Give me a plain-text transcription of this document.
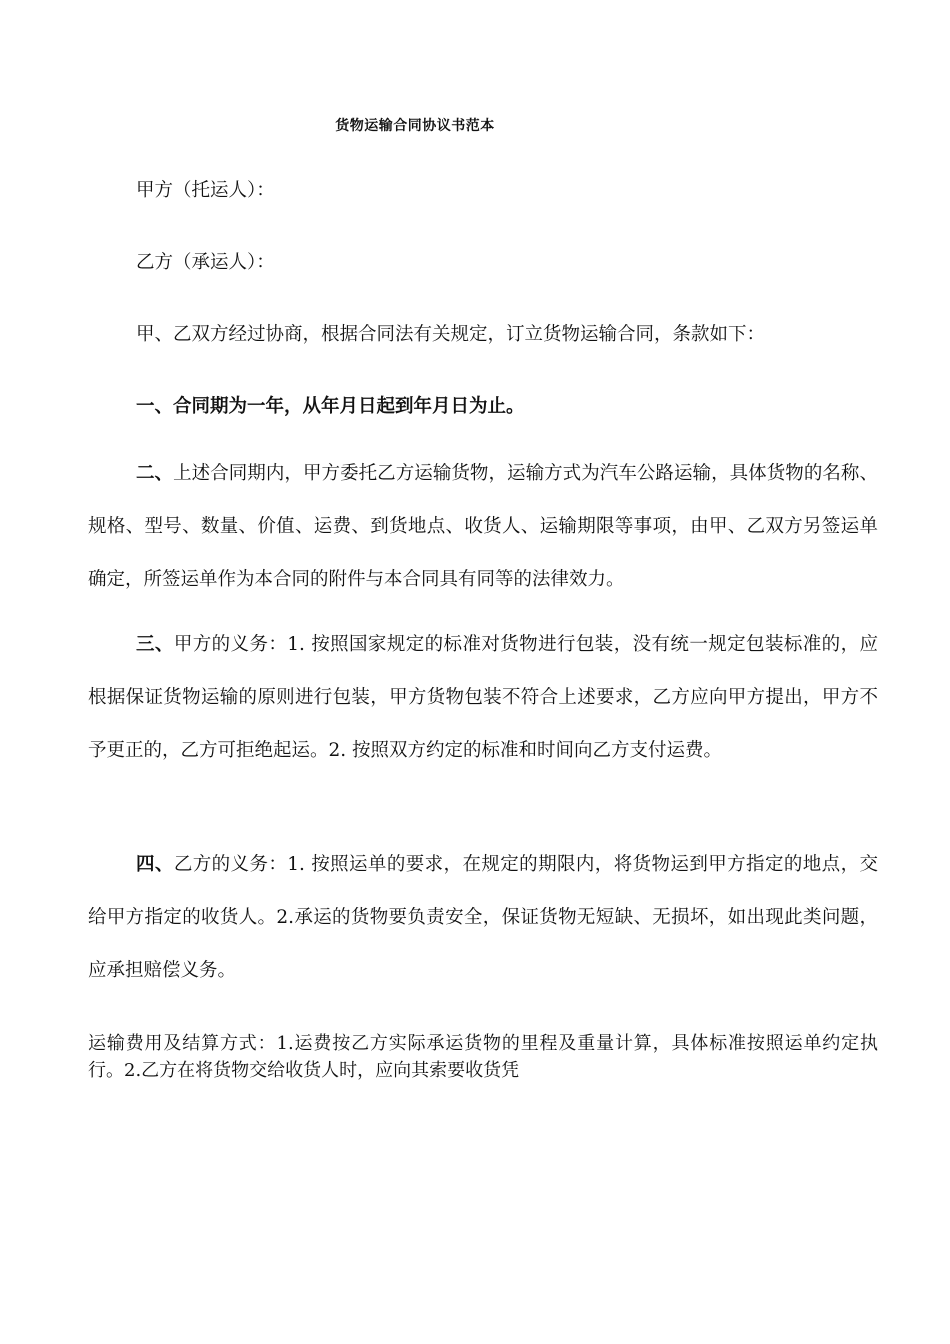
货物运输合同协议书范本
甲方（托运人）：
乙方（承运人）：
甲、乙双方经过协商，根据合同法有关规定，订立货物运输合同，条款如下：
一、合同期为一年，从年月日起到年月日为止。
二、上述合同期内，甲方委托乙方运输货物，运输方式为汽车公路运输，具体货物的名称、规格、型号、数量、价值、运费、到货地点、收货人、运输期限等事项，由甲、乙双方另签运单确定，所签运单作为本合同的附件与本合同具有同等的法律效力。
三、甲方的义务：1. 按照国家规定的标准对货物进行包装，没有统一规定包装标准的，应根据保证货物运输的原则进行包装，甲方货物包装不符合上述要求，乙方应向甲方提出，甲方不予更正的，乙方可拒绝起运。2. 按照双方约定的标准和时间向乙方支付运费。
四、乙方的义务：1. 按照运单的要求，在规定的期限内，将货物运到甲方指定的地点，交给甲方指定的收货人。2.承运的货物要负责安全，保证货物无短缺、无损坏，如出现此类问题，应承担赔偿义务。
运输费用及结算方式：1.运费按乙方实际承运货物的里程及重量计算，具体标准按照运单约定执行。2.乙方在将货物交给收货人时，应向其索要收货凭
